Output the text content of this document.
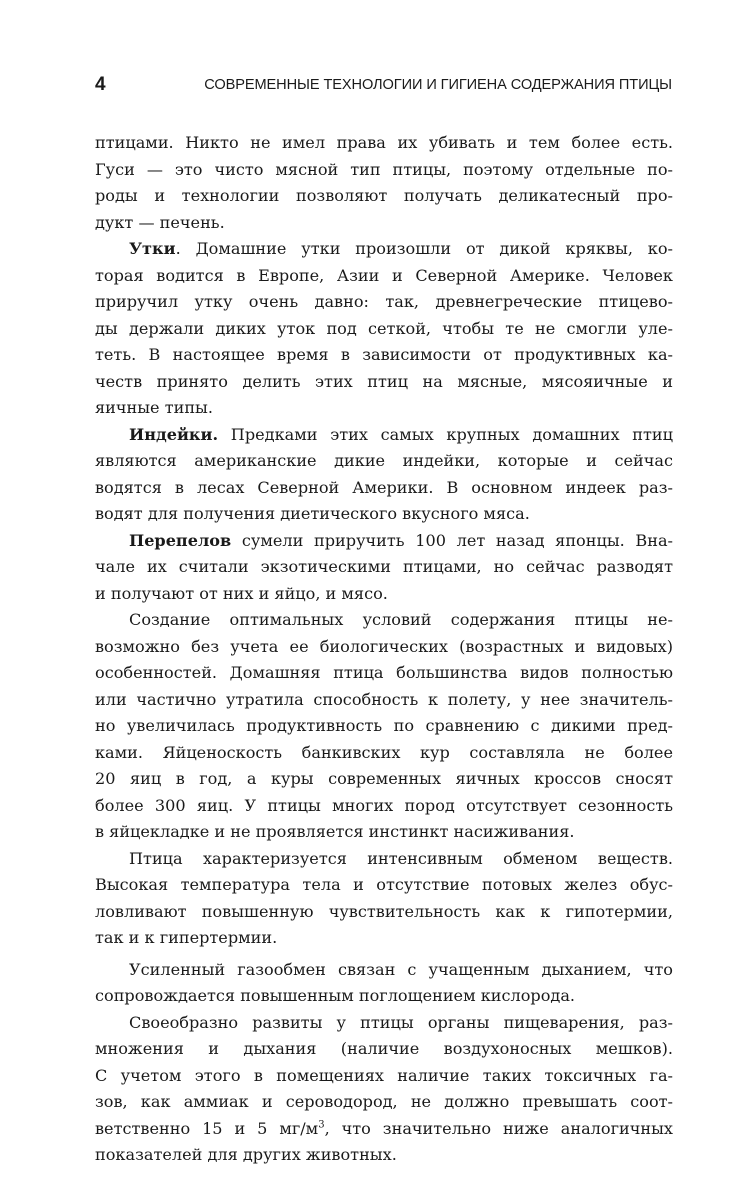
4	СОВРЕМЕННЫЕ ТЕХНОЛОГИИ И ГИГИЕНА СОДЕРЖАНИЯ ПТИЦЫ
птицами. Никто не имел права их убивать и тем более есть.
Гуси — это чисто мясной тип птицы, поэтому отдельные по-
роды и технологии позволяют получать деликатесный про-
дукт — печень.
Утки. Домашние утки произошли от дикой кряквы, ко-
торая водится в Европе, Азии и Северной Америке. Человек
приручил утку очень давно: так, древнегреческие птицево-
ды держали диких уток под сеткой, чтобы те не смогли уле-
теть. В настоящее время в зависимости от продуктивных ка-
честв принято делить этих птиц на мясные, мясояичные и
яичные типы.
Индейки. Предками этих самых крупных домашних птиц
являются американские дикие индейки, которые и сейчас
водятся в лесах Северной Америки. В основном индеек раз-
водят для получения диетического вкусного мяса.
Перепелов сумели приручить 100 лет назад японцы. Вна-
чале их считали экзотическими птицами, но сейчас разводят
и получают от них и яйцо, и мясо.
Создание оптимальных условий содержания птицы не-
возможно без учета ее биологических (возрастных и видовых)
особенностей. Домашняя птица большинства видов полностью
или частично утратила способность к полету, у нее значитель-
но увеличилась продуктивность по сравнению с дикими пред-
ками. Яйценоскость банкивских кур составляла не более
20 яиц в год, а куры современных яичных кроссов сносят
более 300 яиц. У птицы многих пород отсутствует сезонность
в яйцекладке и не проявляется инстинкт насиживания.
Птица характеризуется интенсивным обменом веществ.
Высокая температура тела и отсутствие потовых желез обус-
ловливают повышенную чувствительность как к гипотермии,
так и к гипертермии.
Усиленный газообмен связан с учащенным дыханием, что
сопровождается повышенным поглощением кислорода.
Своеобразно развиты у птицы органы пищеварения, раз-
множения и дыхания (наличие воздухоносных мешков).
С учетом этого в помещениях наличие таких токсичных га-
зов, как аммиак и сероводород, не должно превышать соот-
ветственно 15 и 5 $мг/м^3$, что значительно ниже аналогичных
показателей для других животных.
